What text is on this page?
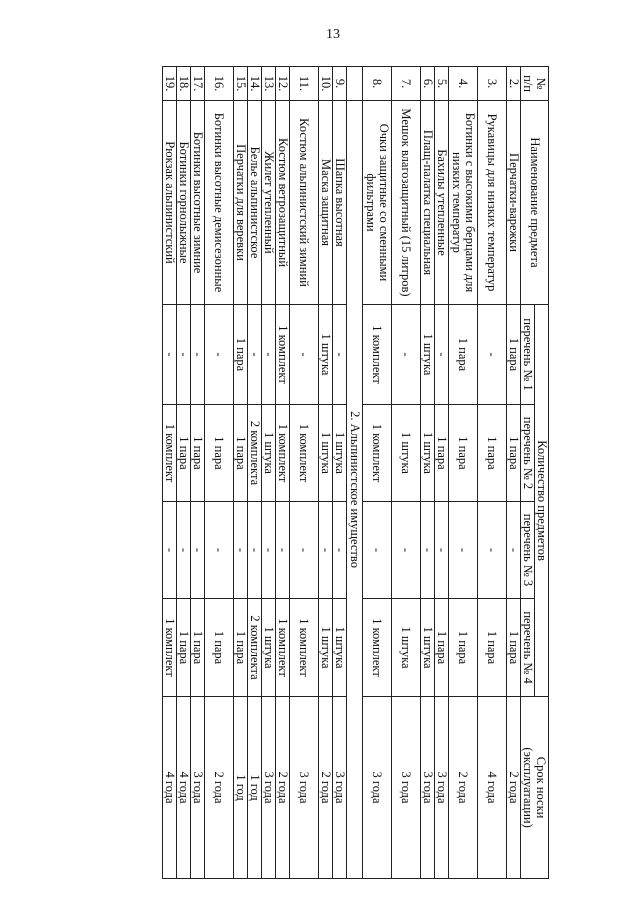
13
№ п/п	Наименование предмета	Количество предметов				Срок носки
(эксплуатации)

		перечень № 1	перечень № 2	перечень № 3	перечень № 4	
2.	Перчатки-варежки	1 пара	1 пара	-	1 пара	2 года
3.	Рукавицы для низких температур	-	1 пара	-	1 пара	4 года
4.	Ботинки с высокими берцами для низких температур	1 пара	1 пара	-	1 пара	2 года
5.	Бахилы утепленные	-	1 пара	-	1 пара	3 года
6.	Плащ-палатка специальная	1 штука	1 штука	-	1 штука	3 года
7.	Мешок влагозащитный (15 литров)	-	1 штука	-	1 штука	3 года
8.	Очки защитные со сменными фильтрами	1 комплект	1 комплект	-	1 комплект	3 года
	2. Альпинистское имущество					
9.	Шапка высотная	-	1 штука	-	1 штука	3 года
10.	Маска защитная	1 штука	1 штука	-	1 штука	2 года
11.	Костюм альпинистский зимний	-	1 комплект	-	1 комплект	3 года
12.	Костюм ветрозащитный	1 комплект	1 комплект	-	1 комплект	2 года
13.	Жилет утепленный	-	1 штука	-	1 штука	3 года
14.	Белье альпинистское	-	2 комплекта	-	2 комплекта	1 год
15.	Перчатки для веревки	1 пара	1 пара	-	1 пара	1 год
16.	Ботинки высотные демисезонные	-	1 пара	-	1 пара	2 года
17.	Ботинки высотные зимние	-	1 пара	-	1 пара	3 года
18.	Ботинки горнолыжные	-	1 пара	-	1 пара	4 года
19.	Рюкзак альпинистский	-	1 комплект	-	1 комплект	4 года
